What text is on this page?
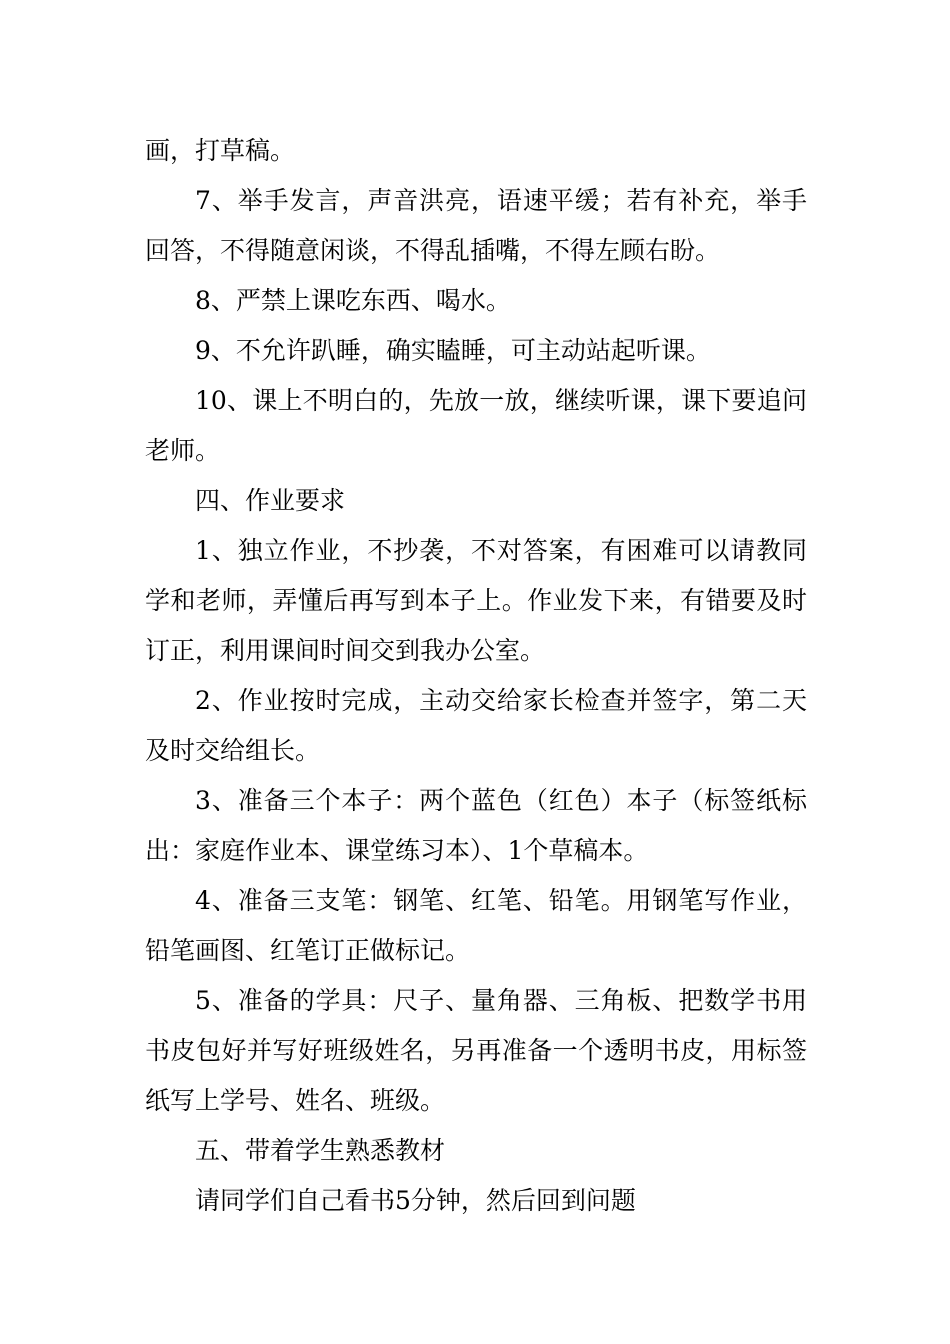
画，打草稿。

7、举手发言，声音洪亮，语速平缓；若有补充，举手回答，不得随意闲谈，不得乱插嘴，不得左顾右盼。

8、严禁上课吃东西、喝水。

9、不允许趴睡，确实瞌睡，可主动站起听课。

10、课上不明白的，先放一放，继续听课，课下要追问老师。

四、作业要求

1、独立作业，不抄袭，不对答案，有困难可以请教同学和老师，弄懂后再写到本子上。作业发下来，有错要及时订正，利用课间时间交到我办公室。

2、作业按时完成，主动交给家长检查并签字，第二天及时交给组长。

3、准备三个本子：两个蓝色（红色）本子（标签纸标出：家庭作业本、课堂练习本）、1个草稿本。

4、准备三支笔：钢笔、红笔、铅笔。用钢笔写作业，铅笔画图、红笔订正做标记。

5、准备的学具：尺子、量角器、三角板、把数学书用书皮包好并写好班级姓名，另再准备一个透明书皮，用标签纸写上学号、姓名、班级。

五、带着学生熟悉教材

请同学们自己看书5分钟，然后回到问题
